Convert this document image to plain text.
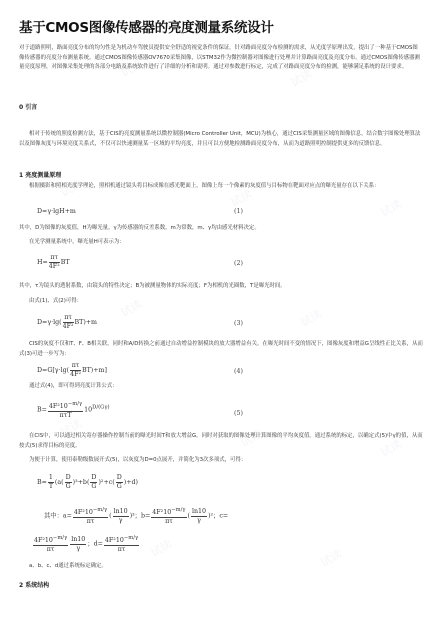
基于CMOS图像传感器的亮度测量系统设计
对于道路照明，路面亮度分布的均匀性是为机动车驾驶员提供安全舒适的视觉条件的保证。针对路面亮度分布检测的需求，从光度学原理出发，提出了一种基于CMOS图像传感器的亮度分布测量系统。通过CMOS图像传感器OV7670采集图像，以STM32作为微控制器对图像进行处理并计算路面亮度及亮度分布。通过CMOS图像传感器测量亮度原理，对图像采集处理的各部分电路及系统软件进行了详细的分析和说明。通过对参数进行标定，完成了对路面亮度分布的检测，能够满足系统的设计要求。
0 引言
相对于传统的照度检测方法，基于CIS的亮度测量系统以微控制器(Micro Controller Unit，MCU)为核心，通过CIS采集测量区域的图像信息，结合数字图像处理算法以及图像灰度与环境亮度关系式，不仅可以快速测量某一区域的平均亮度，并且可以方便地检测路面亮度分布，从而为道路照明控制提供更多的反馈信息。
1 亮度测量原理
根据摄影和照相光度学理论，照相机通过镜头将目标成像在感光靶面上，图像上每一个像素的灰度值与目标物在靶面对应点的曝光量存在以下关系：
D=γ·lgH+m	(1)
其中，D为图像的灰度值，H为曝光量，γ为传感器的反差系数，m为常数，m、γ均由感光材料决定。
在光学测量系统中，曝光量H可表示为：
$H= \frac{\pi\tau}{\text{4F²}}$ BT	(2)
其中，τ为镜头的透射系数，由镜头的特性决定；B为被测量物体的实际亮度；F为相机的光圈数，T是曝光时间。
由式(1)、式(2)可得：
$D=\gamma\cdot\lg( \frac{\pi\tau}{\text{4F²}} BT)+m$	(3)
CIS的灰度不仅和T、F、B相关联，同时和A/D转换之前通过自动增益控制模块的放大器增益有关。在曝光时间不变的情况下，图像灰度和增益G呈线性正比关系，从而式(3)可进一步写为：
$D=G[\gamma\cdot\lg( \frac{\pi\tau}{\text{4F²}} BT)+m]$	(4)
通过式(4)，即可得到亮度计算公式：
$B= 4F^210^{-m/\gamma}$
πτT
$10^{D/(G\gamma)}$
(5)
在CIS中，可以通过相关寄存器操作控制当前的曝光时间T和放大增益G，同时对获取的图像处理计算图像的平均灰度值。通过系统的标定，以确定式(5)中γ的值，从而按式(5)求得目标的亮度。
为便于计算，使用泰勒级数展开式(5)，以灰度为D=0点展开，并简化为3次多项式，可得：
$B= \frac{1}{T} (a( \frac{D}{G} )^3+b( \frac{D}{G} )^2+c( \frac{D}{G} )+d)$
其中：$a= \frac{4F^210^{-m/\gamma}}{\pi\tau}$ ( $\frac{\ln 10}{\gamma} )^3$；$b= \frac{4F^210^{-m/\gamma}}{\pi\tau}$ ( $\frac{\ln 10}{\gamma} )^2$；c=
$\frac{4F^210^{-m/\gamma}}{\pi\tau} \frac{\ln 10}{\gamma}$ ；$d= \frac{4F^210^{-m/\gamma}}{\pi\tau}$
a、b、c、d通过系统标定确定。
2 系统结构
试读	试读
试读	试读	试读
试读	试读
试读	试读	试读
试读	试读
